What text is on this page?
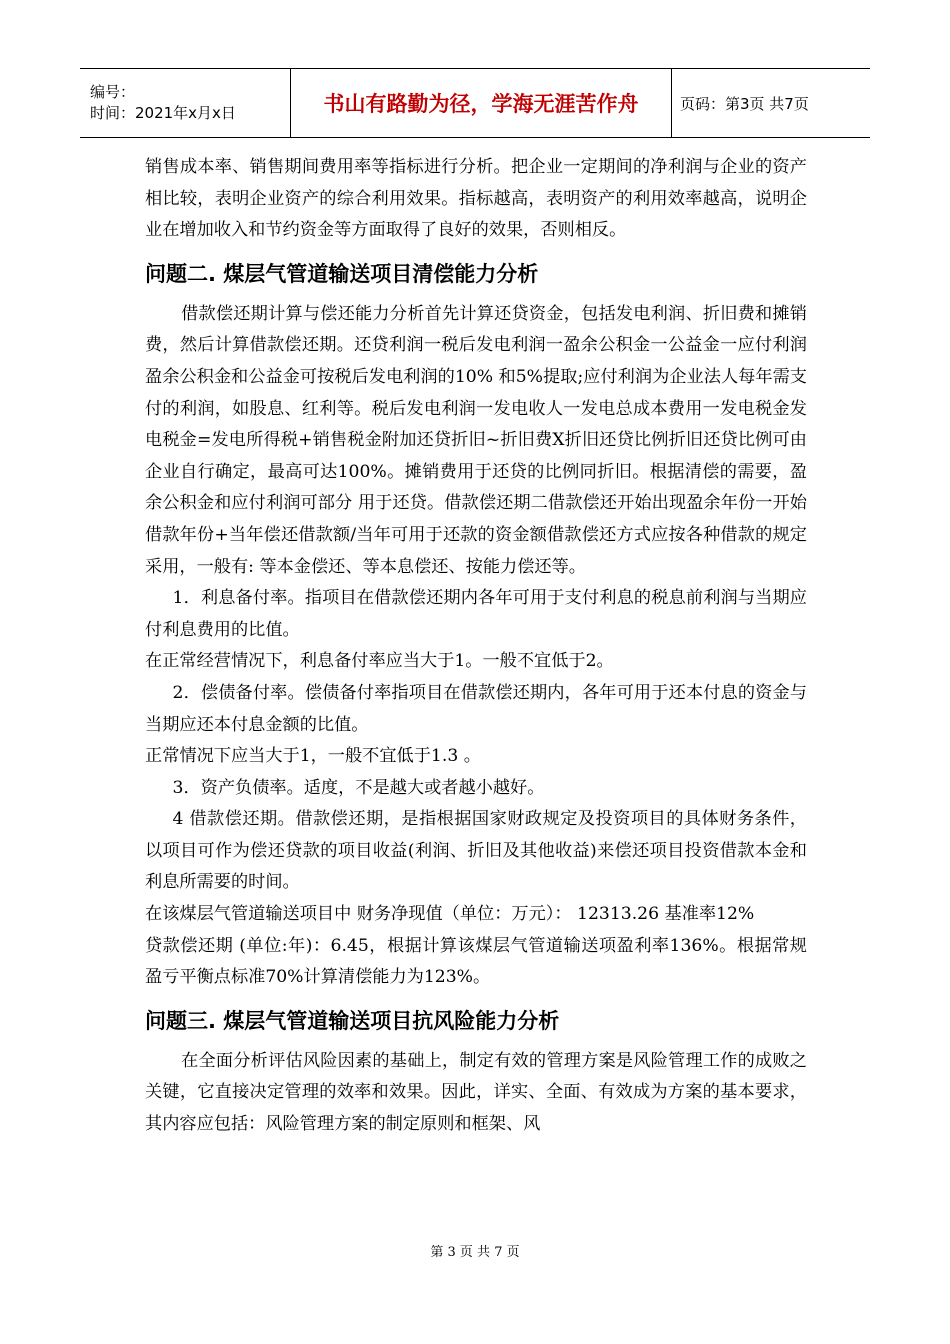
编号：
时间：2021年x月x日	书山有路勤为径，学海无涯苦作舟	页码：第3页 共7页

销售成本率、销售期间费用率等指标进行分析。把企业一定期间的净利润与企业的资产相比较，表明企业资产的综合利用效果。指标越高，表明资产的利用效率越高，说明企业在增加收入和节约资金等方面取得了良好的效果，否则相反。

问题二. 煤层气管道输送项目清偿能力分析

借款偿还期计算与偿还能力分析首先计算还贷资金，包括发电利润、折旧费和摊销费，然后计算借款偿还期。还贷利润一税后发电利润一盈余公积金一公益金一应付利润 盈余公积金和公益金可按税后发电利润的10% 和5%提取;应付利润为企业法人每年需支付的利润，如股息、红利等。税后发电利润一发电收人一发电总成本费用一发电税金发电税金=发电所得税+销售税金附加还贷折旧~折旧费X折旧还贷比例折旧还贷比例可由企业自行确定，最高可达100%。摊销费用于还贷的比例同折旧。根据清偿的需要，盈余公积金和应付利润可部分 用于还贷。借款偿还期二借款偿还开始出现盈余年份一开始借款年份+当年偿还借款额/当年可用于还款的资金额借款偿还方式应按各种借款的规定采用，一般有: 等本金偿还、等本息偿还、按能力偿还等。

1．利息备付率。指项目在借款偿还期内各年可用于支付利息的税息前利润与当期应付利息费用的比值。

在正常经营情况下，利息备付率应当大于1。一般不宜低于2。

2．偿债备付率。偿债备付率指项目在借款偿还期内，各年可用于还本付息的资金与当期应还本付息金额的比值。

正常情况下应当大于1，一般不宜低于1.3 。

3．资产负债率。适度，不是越大或者越小越好。

4 借款偿还期。借款偿还期，是指根据国家财政规定及投资项目的具体财务条件，以项目可作为偿还贷款的项目收益(利润、折旧及其他收益)来偿还项目投资借款本金和利息所需要的时间。

在该煤层气管道输送项目中 财务净现值（单位：万元）： 12313.26 基准率12%

贷款偿还期 (单位:年)：6.45，根据计算该煤层气管道输送项盈利率136%。根据常规盈亏平衡点标准70%计算清偿能力为123%。

问题三. 煤层气管道输送项目抗风险能力分析

在全面分析评估风险因素的基础上，制定有效的管理方案是风险管理工作的成败之关键，它直接决定管理的效率和效果。因此，详实、全面、有效成为方案的基本要求，其内容应包括：风险管理方案的制定原则和框架、风

第 3 页 共 7 页
